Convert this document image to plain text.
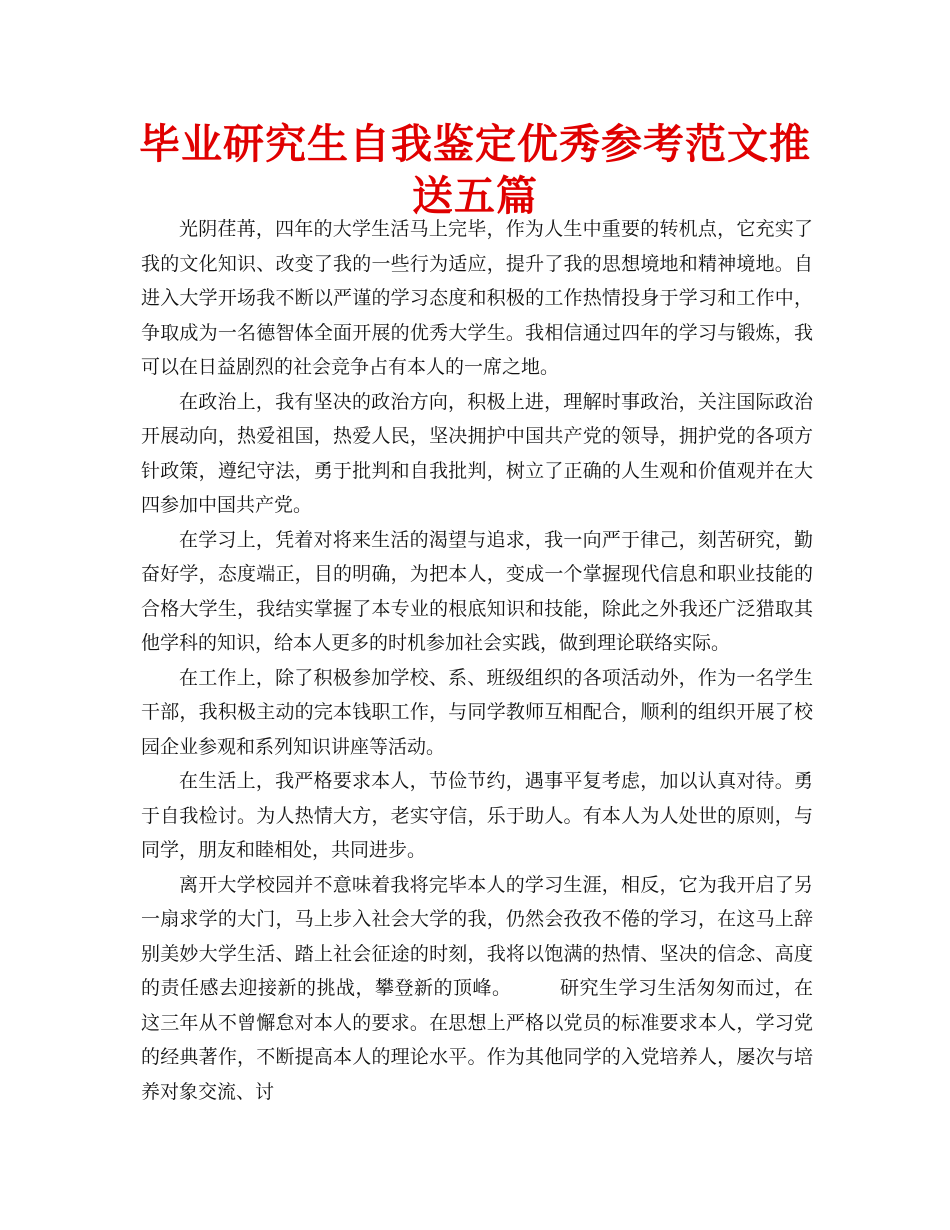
毕业研究生自我鉴定优秀参考范文推送五篇

光阴荏苒，四年的大学生活马上完毕，作为人生中重要的转机点，它充实了我的文化知识、改变了我的一些行为适应，提升了我的思想境地和精神境地。自进入大学开场我不断以严谨的学习态度和积极的工作热情投身于学习和工作中，争取成为一名德智体全面开展的优秀大学生。我相信通过四年的学习与锻炼，我可以在日益剧烈的社会竞争占有本人的一席之地。

在政治上，我有坚决的政治方向，积极上进，理解时事政治，关注国际政治开展动向，热爱祖国，热爱人民，坚决拥护中国共产党的领导，拥护党的各项方针政策，遵纪守法，勇于批判和自我批判，树立了正确的人生观和价值观并在大四参加中国共产党。

在学习上，凭着对将来生活的渴望与追求，我一向严于律己，刻苦研究，勤奋好学，态度端正，目的明确，为把本人，变成一个掌握现代信息和职业技能的合格大学生，我结实掌握了本专业的根底知识和技能，除此之外我还广泛猎取其他学科的知识，给本人更多的时机参加社会实践，做到理论联络实际。

在工作上，除了积极参加学校、系、班级组织的各项活动外，作为一名学生干部，我积极主动的完本钱职工作，与同学教师互相配合，顺利的组织开展了校园企业参观和系列知识讲座等活动。

在生活上，我严格要求本人，节俭节约，遇事平复考虑，加以认真对待。勇于自我检讨。为人热情大方，老实守信，乐于助人。有本人为人处世的原则，与同学，朋友和睦相处，共同进步。

离开大学校园并不意味着我将完毕本人的学习生涯，相反，它为我开启了另一扇求学的大门，马上步入社会大学的我，仍然会孜孜不倦的学习，在这马上辞别美妙大学生活、踏上社会征途的时刻，我将以饱满的热情、坚决的信念、高度的责任感去迎接新的挑战，攀登新的顶峰。	研究生学习生活匆匆而过，在这三年从不曾懈怠对本人的要求。在思想上严格以党员的标准要求本人，学习党的经典著作，不断提高本人的理论水平。作为其他同学的入党培养人，屡次与培养对象交流、讨
